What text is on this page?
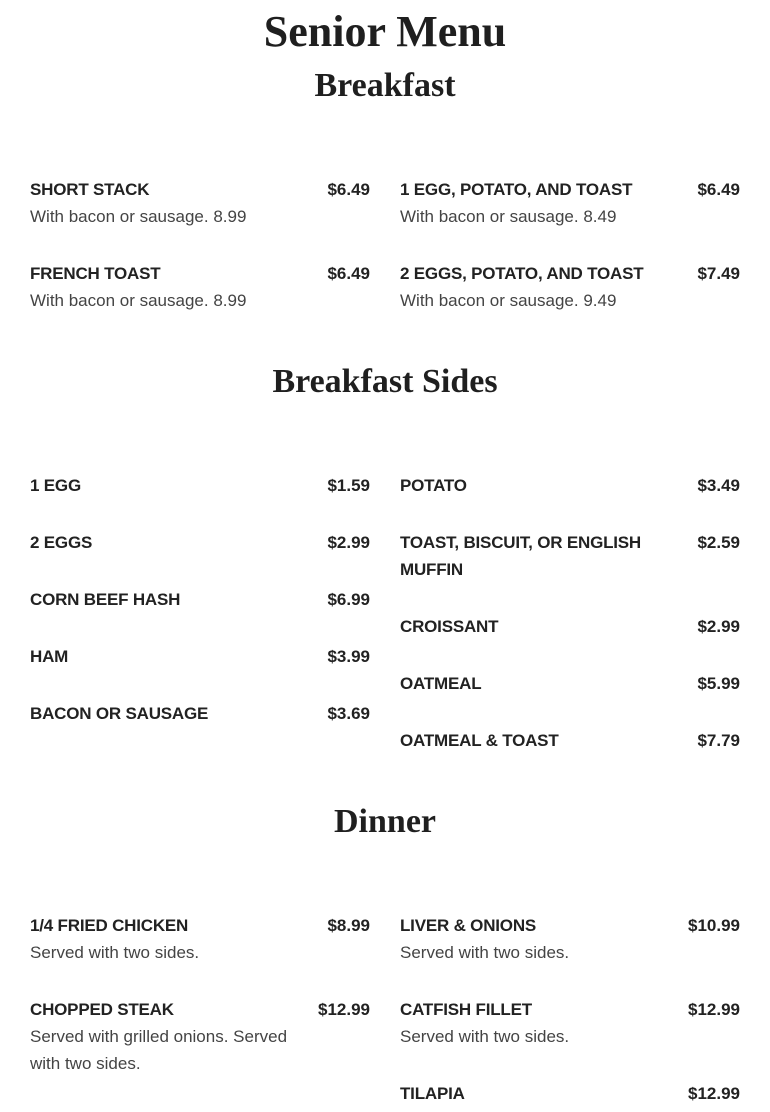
Senior Menu
Breakfast
SHORT STACK	$6.49
With bacon or sausage. 8.99
FRENCH TOAST	$6.49
With bacon or sausage. 8.99
1 EGG, POTATO, AND TOAST	$6.49
With bacon or sausage. 8.49
2 EGGS, POTATO, AND TOAST	$7.49
With bacon or sausage. 9.49
Breakfast Sides
1 EGG	$1.59
2 EGGS	$2.99
CORN BEEF HASH	$6.99
HAM	$3.99
BACON OR SAUSAGE	$3.69
POTATO	$3.49
TOAST, BISCUIT, OR ENGLISH MUFFIN
$2.59
CROISSANT	$2.99
OATMEAL	$5.99
OATMEAL & TOAST	$7.79
Dinner
1/4 FRIED CHICKEN	$8.99
Served with two sides.
CHOPPED STEAK	$12.99
Served with grilled onions. Served with two sides.
LIVER & ONIONS	$10.99
Served with two sides.
CATFISH FILLET	$12.99
Served with two sides.
TILAPIA	$12.99
